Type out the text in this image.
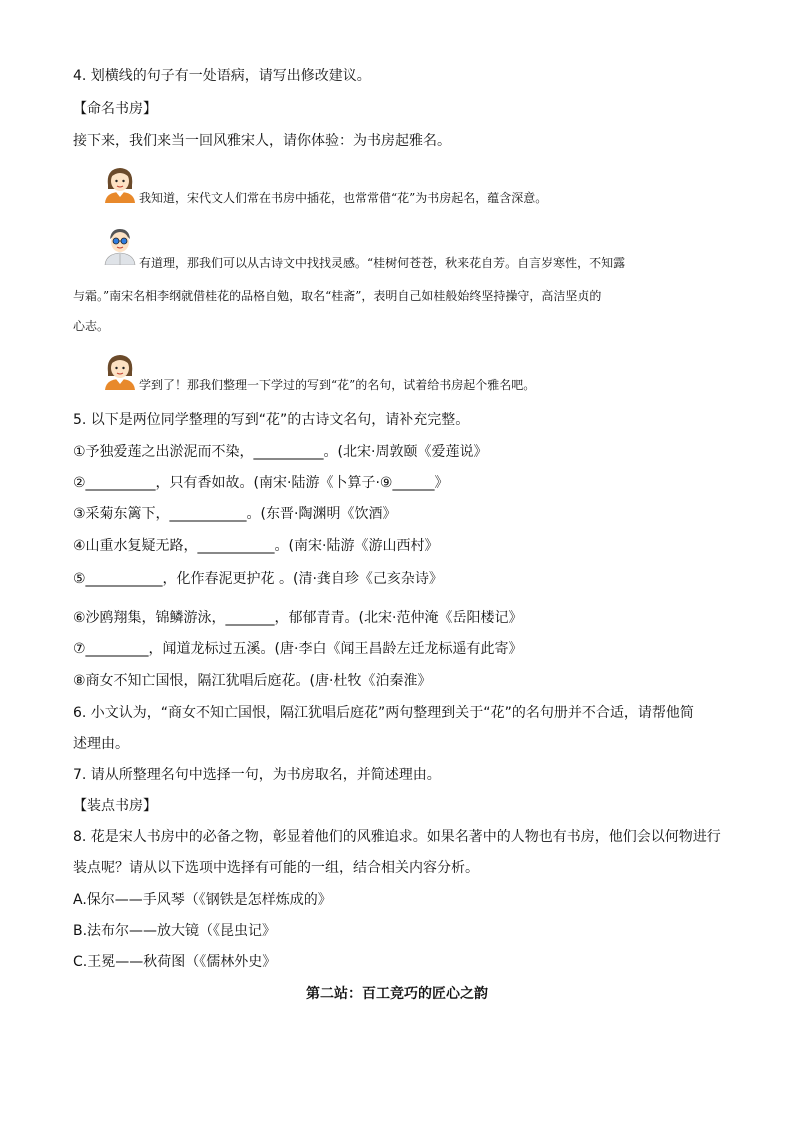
4. 划横线的句子有一处语病，请写出修改建议。
【命名书房】
接下来，我们来当一回风雅宋人，请你体验：为书房起雅名。
我知道，宋代文人们常在书房中插花，也常常借“花”为书房起名，蕴含深意。
有道理，那我们可以从古诗文中找找灵感。“桂树何苍苍，秋来花自芳。自言岁寒性，不知露
与霜。”南宋名相李纲就借桂花的品格自勉，取名“桂斋”，表明自己如桂般始终坚持操守，高洁坚贞的
心志。
学到了！那我们整理一下学过的写到“花”的名句，试着给书房起个雅名吧。
5. 以下是两位同学整理的写到“花”的古诗文名句，请补充完整。
①予独爱莲之出淤泥而不染，__________。(北宋·周敦颐《爱莲说》
②__________，只有香如故。(南宋·陆游《卜算子·⑨______》
③采菊东篱下，___________。(东晋·陶渊明《饮酒》
④山重水复疑无路，___________。(南宋·陆游《游山西村》
⑤___________，化作春泥更护花 。(清·龚自珍《己亥杂诗》
⑥沙鸥翔集，锦鳞游泳，_______，郁郁青青。(北宋·范仲淹《岳阳楼记》
⑦_________，闻道龙标过五溪。(唐·李白《闻王昌龄左迁龙标遥有此寄》
⑧商女不知亡国恨，隔江犹唱后庭花。(唐·杜牧《泊秦淮》
6. 小文认为，“商女不知亡国恨，隔江犹唱后庭花”两句整理到关于“花”的名句册并不合适，请帮他简
述理由。
7. 请从所整理名句中选择一句，为书房取名，并简述理由。
【装点书房】
8. 花是宋人书房中的必备之物，彰显着他们的风雅追求。如果名著中的人物也有书房，他们会以何物进行
装点呢？请从以下选项中选择有可能的一组，结合相关内容分析。
A.保尔——手风琴（《钢铁是怎样炼成的》
B.法布尔——放大镜（《昆虫记》
C.王冕——秋荷图（《儒林外史》
第二站：百工竞巧的匠心之韵
